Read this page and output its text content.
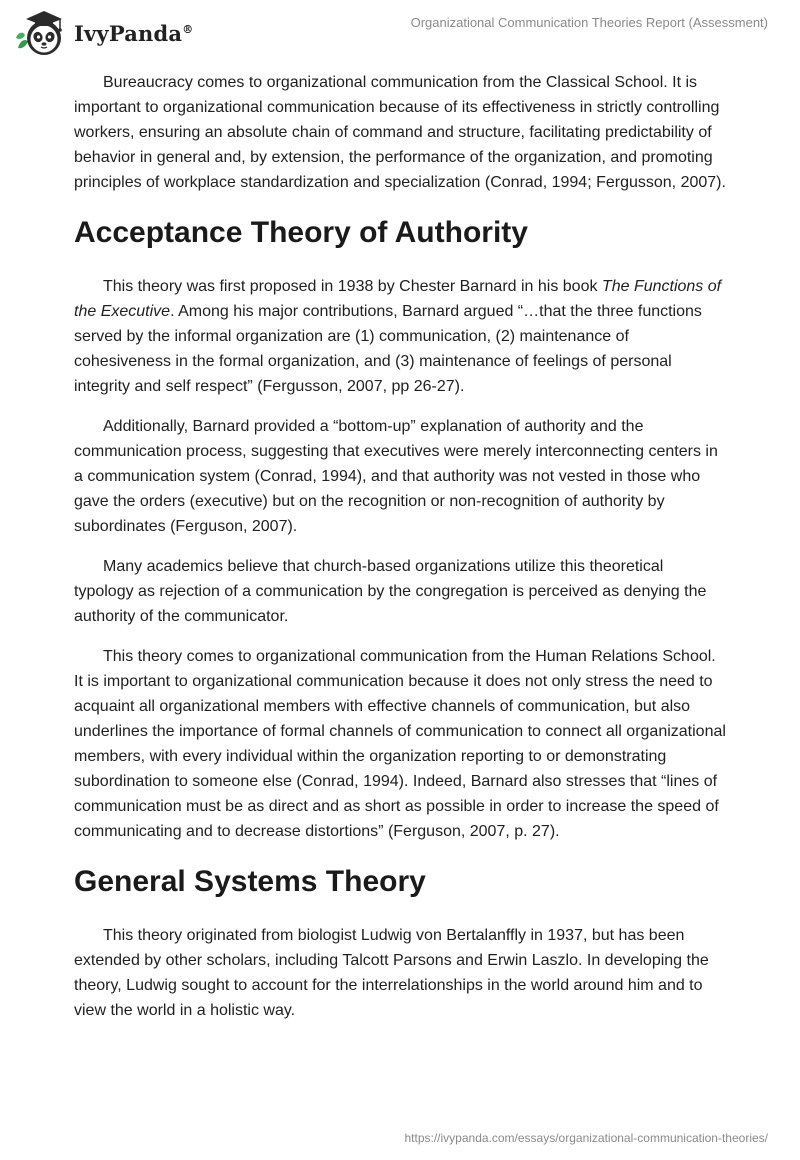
IvyPanda®	Organizational Communication Theories Report (Assessment)

Bureaucracy comes to organizational communication from the Classical School. It is important to organizational communication because of its effectiveness in strictly controlling workers, ensuring an absolute chain of command and structure, facilitating predictability of behavior in general and, by extension, the performance of the organization, and promoting principles of workplace standardization and specialization (Conrad, 1994; Fergusson, 2007).

Acceptance Theory of Authority

This theory was first proposed in 1938 by Chester Barnard in his book The Functions of the Executive. Among his major contributions, Barnard argued “…that the three functions served by the informal organization are (1) communication, (2) maintenance of cohesiveness in the formal organization, and (3) maintenance of feelings of personal integrity and self respect” (Fergusson, 2007, pp 26-27).

Additionally, Barnard provided a “bottom-up” explanation of authority and the communication process, suggesting that executives were merely interconnecting centers in a communication system (Conrad, 1994), and that authority was not vested in those who gave the orders (executive) but on the recognition or non-recognition of authority by subordinates (Ferguson, 2007).

Many academics believe that church-based organizations utilize this theoretical typology as rejection of a communication by the congregation is perceived as denying the authority of the communicator.

This theory comes to organizational communication from the Human Relations School. It is important to organizational communication because it does not only stress the need to acquaint all organizational members with effective channels of communication, but also underlines the importance of formal channels of communication to connect all organizational members, with every individual within the organization reporting to or demonstrating subordination to someone else (Conrad, 1994). Indeed, Barnard also stresses that “lines of communication must be as direct and as short as possible in order to increase the speed of communicating and to decrease distortions” (Ferguson, 2007, p. 27).

General Systems Theory

This theory originated from biologist Ludwig von Bertalanffly in 1937, but has been extended by other scholars, including Talcott Parsons and Erwin Laszlo. In developing the theory, Ludwig sought to account for the interrelationships in the world around him and to view the world in a holistic way.

https://ivypanda.com/essays/organizational-communication-theories/
